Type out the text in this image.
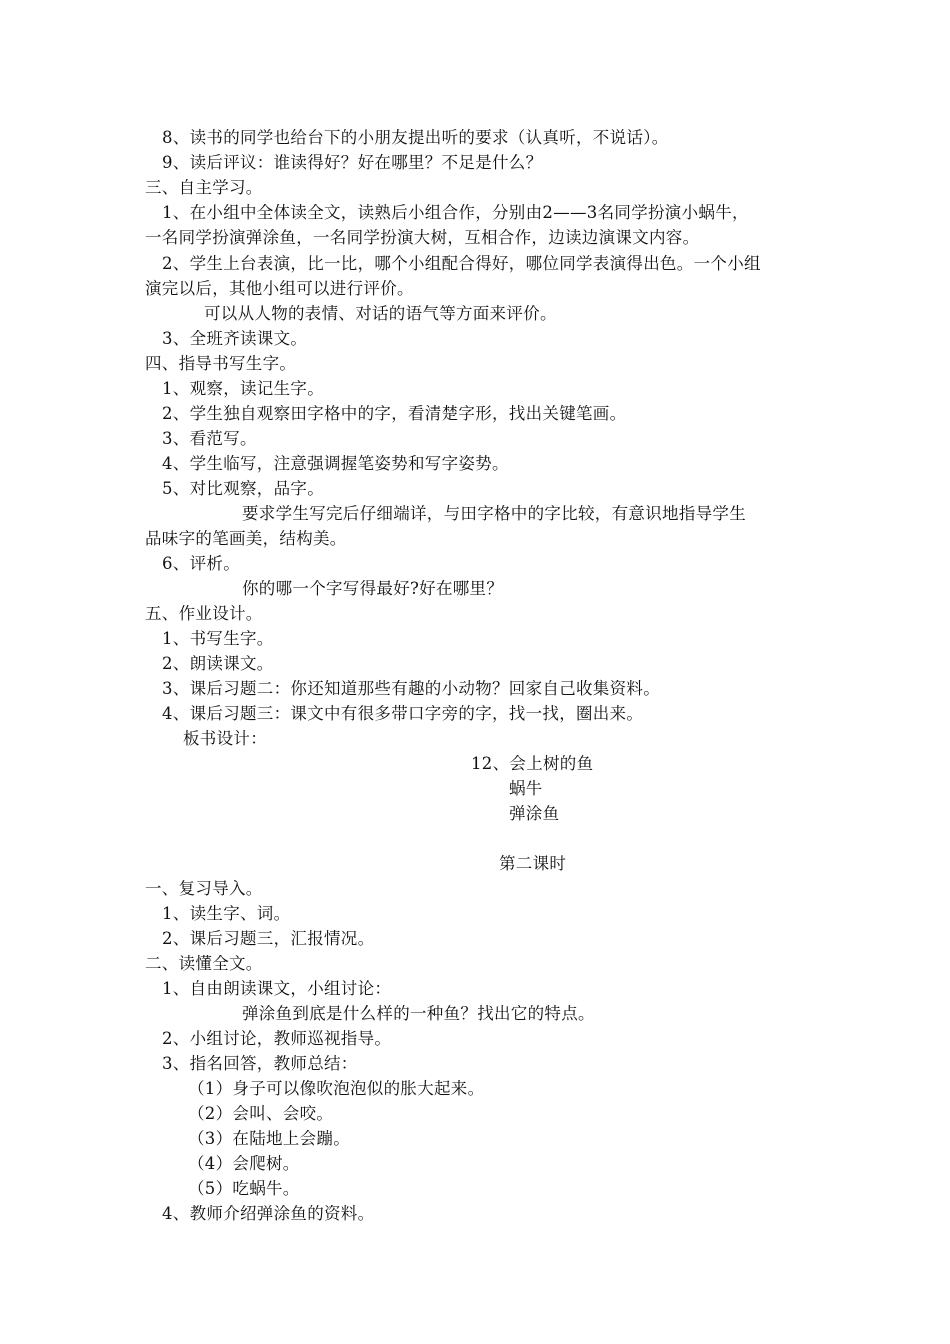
8、读书的同学也给台下的小朋友提出听的要求（认真听，不说话）。
9、读后评议：谁读得好？好在哪里？不足是什么？
三、自主学习。
1、在小组中全体读全文，读熟后小组合作，分别由2——3名同学扮演小蜗牛，
一名同学扮演弹涂鱼，一名同学扮演大树，互相合作，边读边演课文内容。
2、学生上台表演，比一比，哪个小组配合得好，哪位同学表演得出色。一个小组
演完以后，其他小组可以进行评价。
可以从人物的表情、对话的语气等方面来评价。
3、全班齐读课文。
四、指导书写生字。
1、观察，读记生字。
2、学生独自观察田字格中的字，看清楚字形，找出关键笔画。
3、看范写。
4、学生临写，注意强调握笔姿势和写字姿势。
5、对比观察，品字。
要求学生写完后仔细端详，与田字格中的字比较，有意识地指导学生
品味字的笔画美，结构美。
6、评析。
你的哪一个字写得最好?好在哪里？
五、作业设计。
1、书写生字。
2、朗读课文。
3、课后习题二：你还知道那些有趣的小动物？回家自己收集资料。
4、课后习题三：课文中有很多带口字旁的字，找一找，圈出来。
板书设计：
12、会上树的鱼
蜗牛
弹涂鱼
第二课时
一、复习导入。
1、读生字、词。
2、课后习题三，汇报情况。
二、读懂全文。
1、自由朗读课文，小组讨论：
弹涂鱼到底是什么样的一种鱼？找出它的特点。
2、小组讨论，教师巡视指导。
3、指名回答，教师总结：
（1）身子可以像吹泡泡似的胀大起来。
（2）会叫、会咬。
（3）在陆地上会蹦。
（4）会爬树。
（5）吃蜗牛。
4、教师介绍弹涂鱼的资料。
